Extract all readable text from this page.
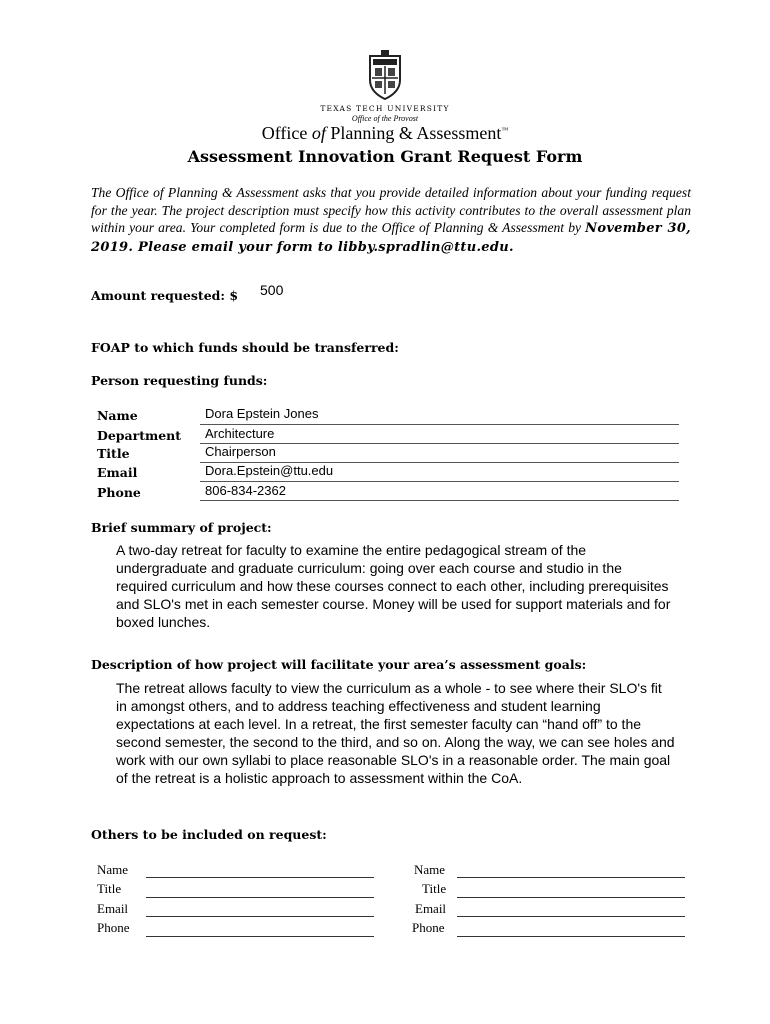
TEXAS TECH UNIVERSITY
Office of the Provost
Office of Planning & Assessment™
Assessment Innovation Grant Request Form
The Office of Planning & Assessment asks that you provide detailed information about your funding request for the year. The project description must specify how this activity contributes to the overall assessment plan within your area. Your completed form is due to the Office of Planning & Assessment by November 30, 2019. Please email your form to libby.spradlin@ttu.edu.
Amount requested: $ 500
FOAP to which funds should be transferred:
Person requesting funds:
Name	Dora Epstein Jones
Department Architecture
Title	Chairperson
Email	Dora.Epstein@ttu.edu
Phone	806-834-2362
Brief summary of project:
A two-day retreat for faculty to examine the entire pedagogical stream of the undergraduate and graduate curriculum: going over each course and studio in the required curriculum and how these courses connect to each other, including prerequisites and SLO's met in each semester course. Money will be used for support materials and for boxed lunches.
Description of how project will facilitate your area’s assessment goals:
The retreat allows faculty to view the curriculum as a whole - to see where their SLO's fit in amongst others, and to address teaching effectiveness and student learning expectations at each level. In a retreat, the first semester faculty can “hand off” to the second semester, the second to the third, and so on. Along the way, we can see holes and work with our own syllabi to place reasonable SLO's in a reasonable order. The main goal of the retreat is a holistic approach to assessment within the CoA.
Others to be included on request:
Name
Title
Email
Phone
Name
Title
Email
Phone
